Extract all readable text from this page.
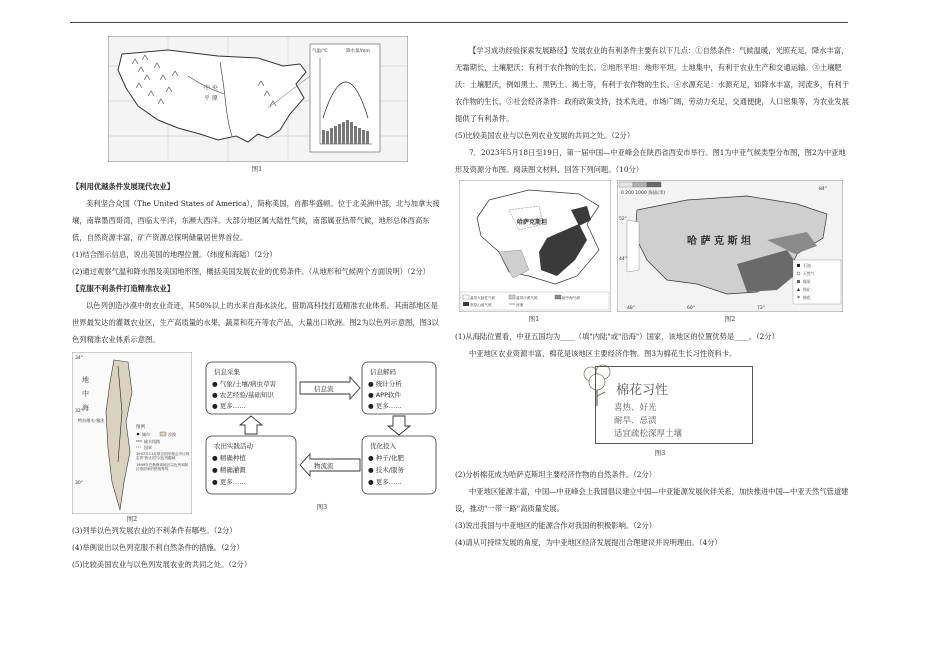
中 央
平 原
气温/℃	降水量/mm
图1
【利用优越条件发展现代农业】
美利坚合众国（The United States of America），简称美国，首都华盛顿。位于北美洲中部，北与加拿大接壤，南靠墨西哥湾，西临太平洋，东濒大西洋。大部分地区属大陆性气候，南部属亚热带气候，地形总体西高东低，自然资源丰富，矿产资源总探明储量居世界首位。
(1)结合图示信息，说出美国的地理位置。（纬度和海陆）（2分）
(2)通过观察气温和降水图及美国地形图，概括美国发展农业的优势条件。（从地形和气候两个方面说明）（2分）
【克服不利条件打造精准农业】
以色列创造沙漠中的农业奇迹，其50%以上的水来自海水淡化，借助高科技打造精准农业体系。其南部地区是世界最发达的灌溉农业区，生产高质量的水果，蔬菜和花卉等农产品，大量出口欧洲。图2为以色列示意图，图3以色列精准农业体系示意图。
34°
32°
30°
地
中
海
特拉维夫·雅法
图例
城市	沙漠
输水线路
国界
1947年11月联合国安理会决议规定的"犹太国"以色列疆域
1949年巴勒斯坦地区以色列和阿拉伯国家的停战界线
图2
信息采集
● 气象/土壤/病虫草害
● 农艺经验/基础知识
● 更多……
信息解码
● 统计分析
● APP软件
● 更多……
农田实践活动
● 精确种植
● 精确灌溉
● 更多……
优化投入
● 种子/化肥
● 技术/服务
● 更多……
信息流
物流流
图3
(3)列举以色列发展农业的不利条件有哪些。（2分）
(4)举例说出以色列克服不利自然条件的措施。（2分）
(5)比较美国农业与以色列发展农业的共同之处。（2分）
【学习成功经验探索发展路径】发展农业的有利条件主要有以下几点：①自然条件：气候温暖，光照充足，降水丰富，无霜期长，土壤肥沃；有利于农作物的生长。②地形平坦：地形平坦，土地集中，有利于农业生产和交通运输。③土壤肥沃：土壤肥沃，例如黑土、黑钙土、褐土等，有利于农作物的生长。④水源充足：水源充足，如降水丰富，河流多，有利于农作物的生长。⑤社会经济条件：政府政策支持，技术先进，市场广阔，劳动力充足，交通便捷，人口密集等，为农业发展提供了有利条件。
(5)比较美国农业与以色列农业发展的共同之处。（2分）
7．2023年5月18日至19日，第一届中国—中亚峰会在陕西省西安市举行。图1为中亚气候类型分布图，图2为中亚地形及资源分布图。阅读图文材料，回答下列问题。（10分）
哈萨克斯坦
温带大陆性气候	温带沙漠气候	地中海气候
高原山地气候	河流
图1
0 200 1000 海拔(米)
哈 萨 克 斯 坦
52°
44°
48°	60°	72°
84°
石油
天然气
煤炭
铁矿
棉花
图2
(1)从海陆位置看，中亚五国均为____（填"内陆"或"沿海"）国家，该地区的位置优势是____。（2分）
中亚地区农业资源丰富，棉花是该地区主要经济作物。图3为棉花生长习性资料卡。
棉花习性
喜热、好光
耐旱、忌渍
适宜疏松深厚土壤
图3
(2)分析棉花成为哈萨克斯坦主要经济作物的自然条件。（2分）
中亚地区能源丰富，中国—中亚峰会上我国倡议建立中国—中亚能源发展伙伴关系，加快推进中国—中亚天然气管道建设，推动"一带一路"高质量发展。
(3)说出我国与中亚地区的能源合作对我国的积极影响。（2分）
(4)请从可持续发展的角度，为中亚地区经济发展提出合理建议并说明理由。（4分）
